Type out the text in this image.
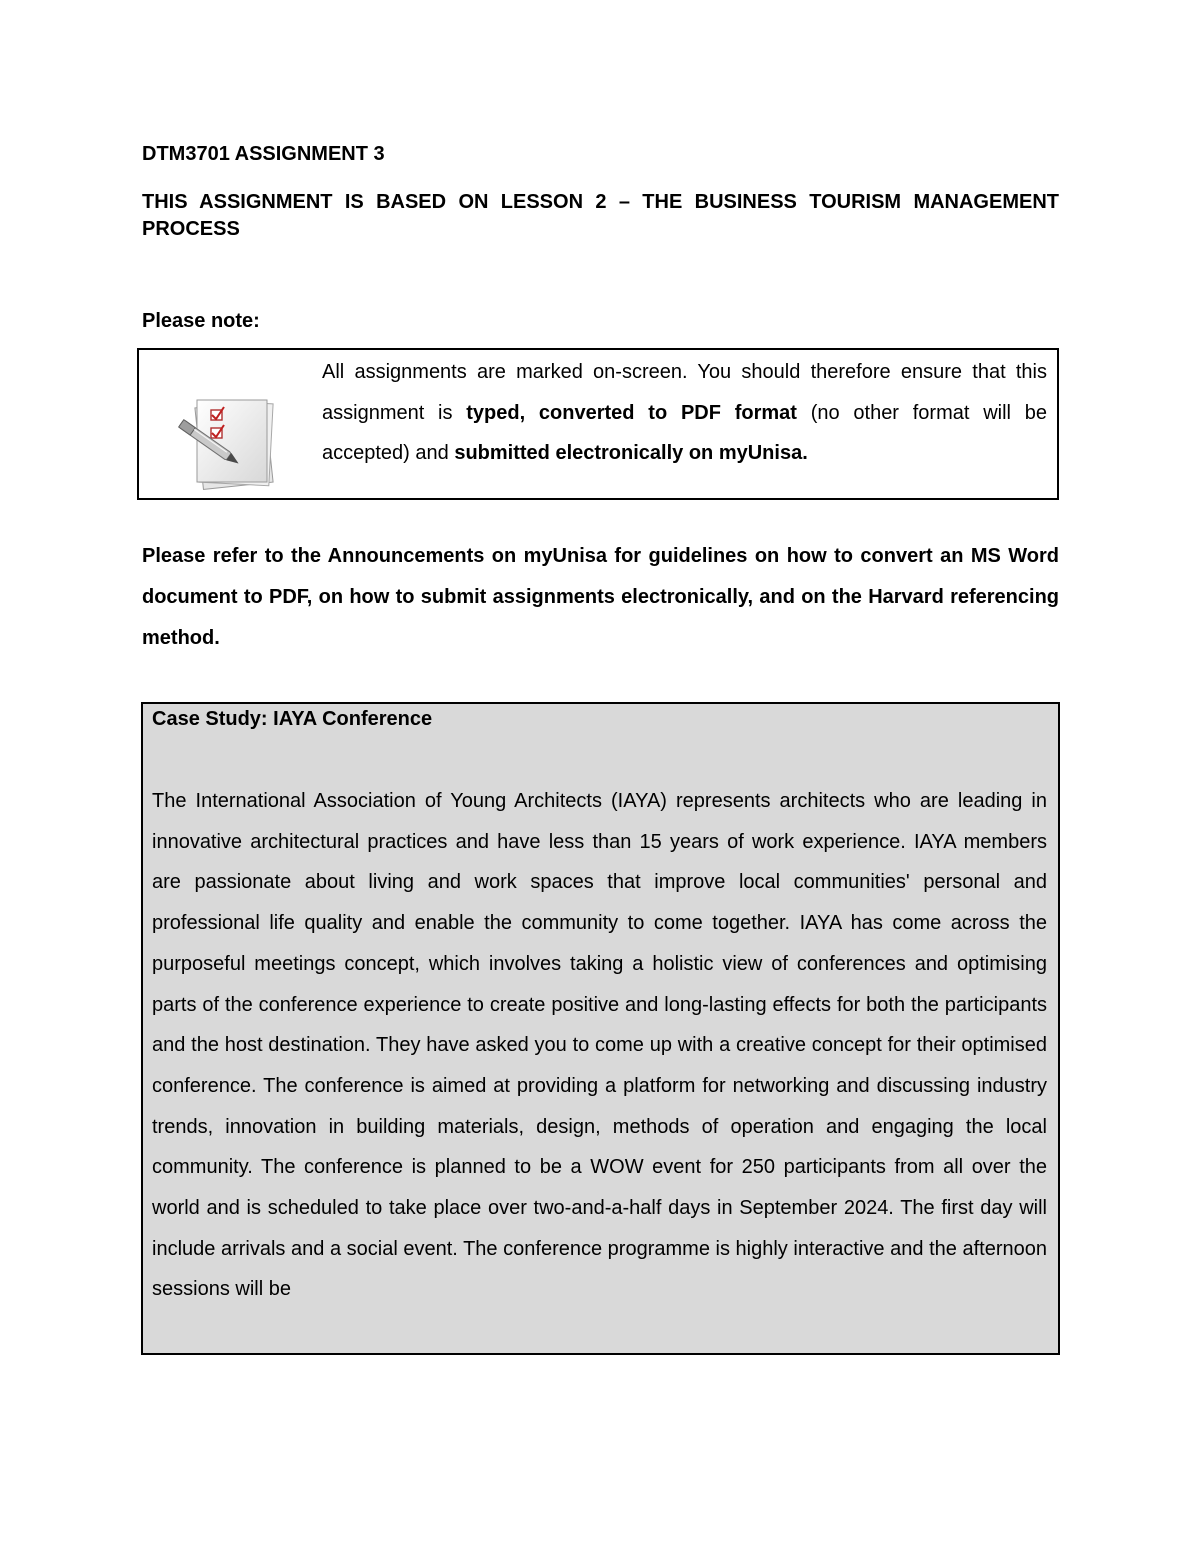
DTM3701 ASSIGNMENT 3

THIS ASSIGNMENT IS BASED ON LESSON 2 – THE BUSINESS TOURISM MANAGEMENT PROCESS

Please note:

All assignments are marked on-screen. You should therefore ensure that this assignment is typed, converted to PDF format (no other format will be accepted) and submitted electronically on myUnisa.

Please refer to the Announcements on myUnisa for guidelines on how to convert an MS Word document to PDF, on how to submit assignments electronically, and on the Harvard referencing method.

Case Study: IAYA Conference

The International Association of Young Architects (IAYA) represents architects who are leading in innovative architectural practices and have less than 15 years of work experience. IAYA members are passionate about living and work spaces that improve local communities' personal and professional life quality and enable the community to come together. IAYA has come across the purposeful meetings concept, which involves taking a holistic view of conferences and optimising parts of the conference experience to create positive and long-lasting effects for both the participants and the host destination. They have asked you to come up with a creative concept for their optimised conference. The conference is aimed at providing a platform for networking and discussing industry trends, innovation in building materials, design, methods of operation and engaging the local community. The conference is planned to be a WOW event for 250 participants from all over the world and is scheduled to take place over two-and-a-half days in September 2024. The first day will include arrivals and a social event. The conference programme is highly interactive and the afternoon sessions will be
